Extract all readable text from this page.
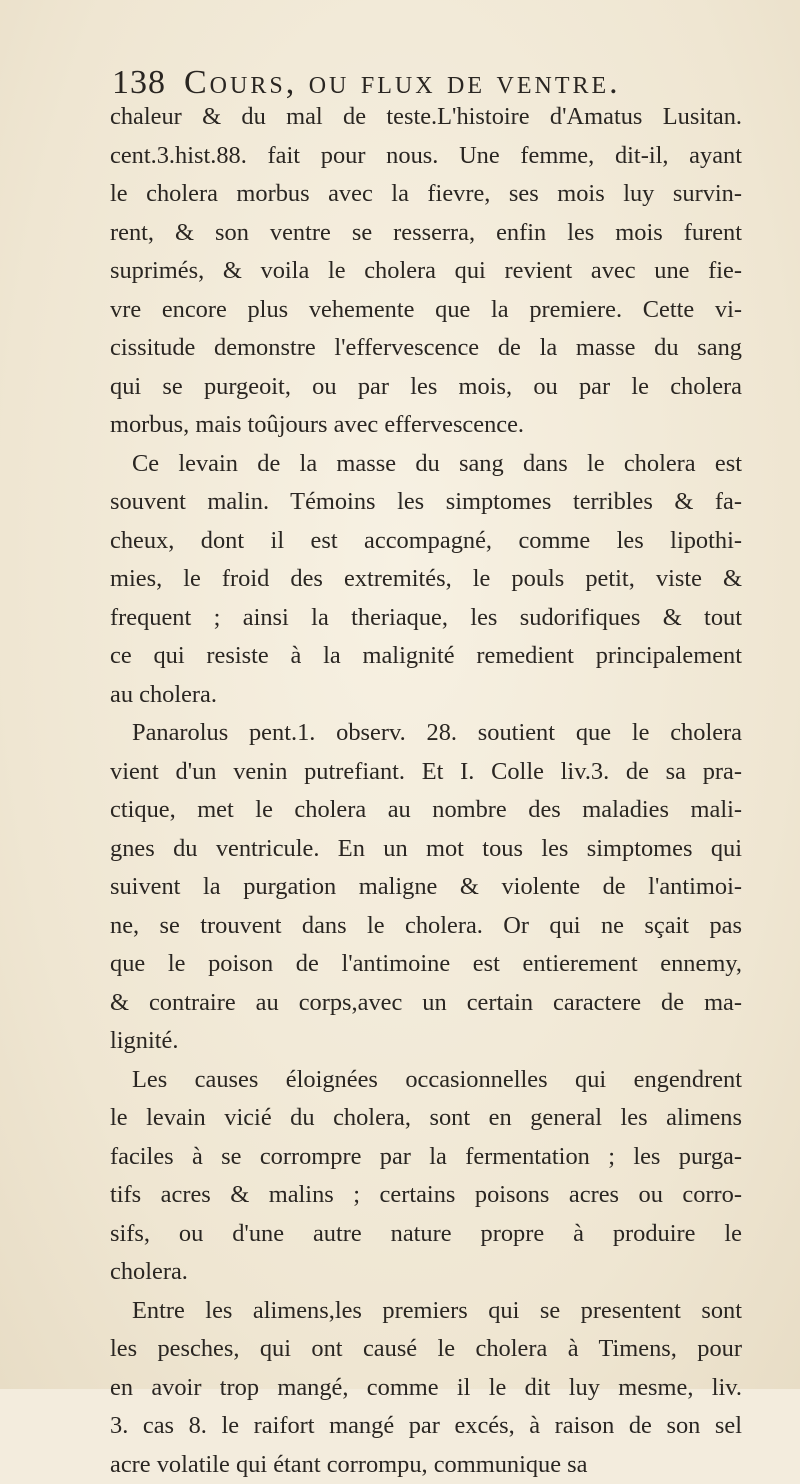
138 Cours, ou flux de ventre.

chaleur & du mal de teste.L'histoire d'Amatus Lusitan.
cent.3.hist.88. fait pour nous. Une femme, dit-il, ayant
le cholera morbus avec la fievre, ses mois luy survin-
rent, & son ventre se resserra, enfin les mois furent
suprimés, & voila le cholera qui revient avec une fie-
vre encore plus vehemente que la premiere. Cette vi-
cissitude demonstre l'effervescence de la masse du sang
qui se purgeoit, ou par les mois, ou par le cholera
morbus, mais toûjours avec effervescence.

Ce levain de la masse du sang dans le cholera est
souvent malin. Témoins les simptomes terribles & fa-
cheux, dont il est accompagné, comme les lipothi-
mies, le froid des extremités, le pouls petit, viste &
frequent ; ainsi la theriaque, les sudorifiques & tout
ce qui resiste à la malignité remedient principalement
au cholera.

Panarolus pent.1. observ. 28. soutient que le cholera
vient d'un venin putrefiant. Et I. Colle liv.3. de sa pra-
ctique, met le cholera au nombre des maladies mali-
gnes du ventricule. En un mot tous les simptomes qui
suivent la purgation maligne & violente de l'antimoi-
ne, se trouvent dans le cholera. Or qui ne sçait pas
que le poison de l'antimoine est entierement ennemy,
& contraire au corps,avec un certain caractere de ma-
lignité.

Les causes éloignées occasionnelles qui engendrent
le levain vicié du cholera, sont en general les alimens
faciles à se corrompre par la fermentation ; les purga-
tifs acres & malins ; certains poisons acres ou corro-
sifs, ou d'une autre nature propre à produire le
cholera.

Entre les alimens,les premiers qui se presentent sont
les pesches, qui ont causé le cholera à Timens, pour
en avoir trop mangé, comme il le dit luy mesme, liv.
3. cas 8. le raifort mangé par excés, à raison de son sel
acre volatile qui étant corrompu, communique sa
